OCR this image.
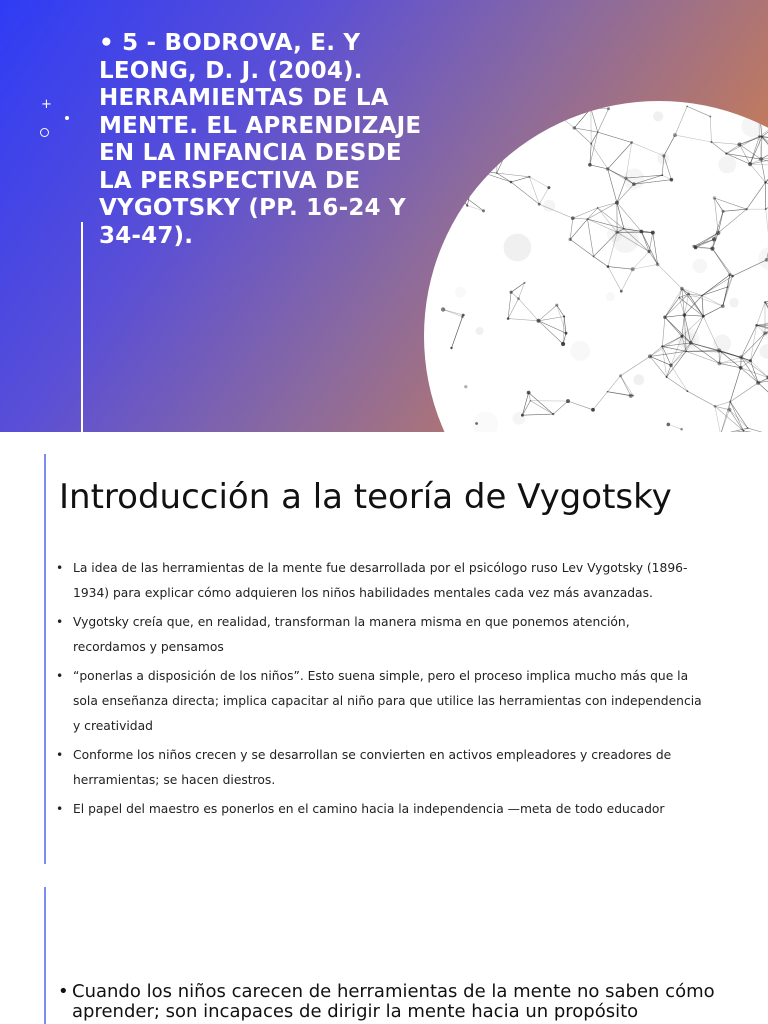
+
• 5 - BODROVA, E. Y LEONG, D. J. (2004). HERRAMIENTAS DE LA MENTE. EL APRENDIZAJE EN LA INFANCIA DESDE LA PERSPECTIVA DE VYGOTSKY (PP. 16-24 Y 34-47).
Introducción a la teoría de Vygotsky
• La idea de las herramientas de la mente fue desarrollada por el psicólogo ruso Lev Vygotsky (1896-1934) para explicar cómo adquieren los niños habilidades mentales cada vez más avanzadas.
• Vygotsky creía que, en realidad, transforman la manera misma en que ponemos atención, recordamos y pensamos
• “ponerlas a disposición de los niños”. Esto suena simple, pero el proceso implica mucho más que la sola enseñanza directa; implica capacitar al niño para que utilice las herramientas con independencia y creatividad
• Conforme los niños crecen y se desarrollan se convierten en activos empleadores y creadores de herramientas; se hacen diestros.
• El papel del maestro es ponerlos en el camino hacia la independencia —meta de todo educador

• Cuando los niños carecen de herramientas de la mente no saben cómo aprender; son incapaces de dirigir la mente hacia un propósito
